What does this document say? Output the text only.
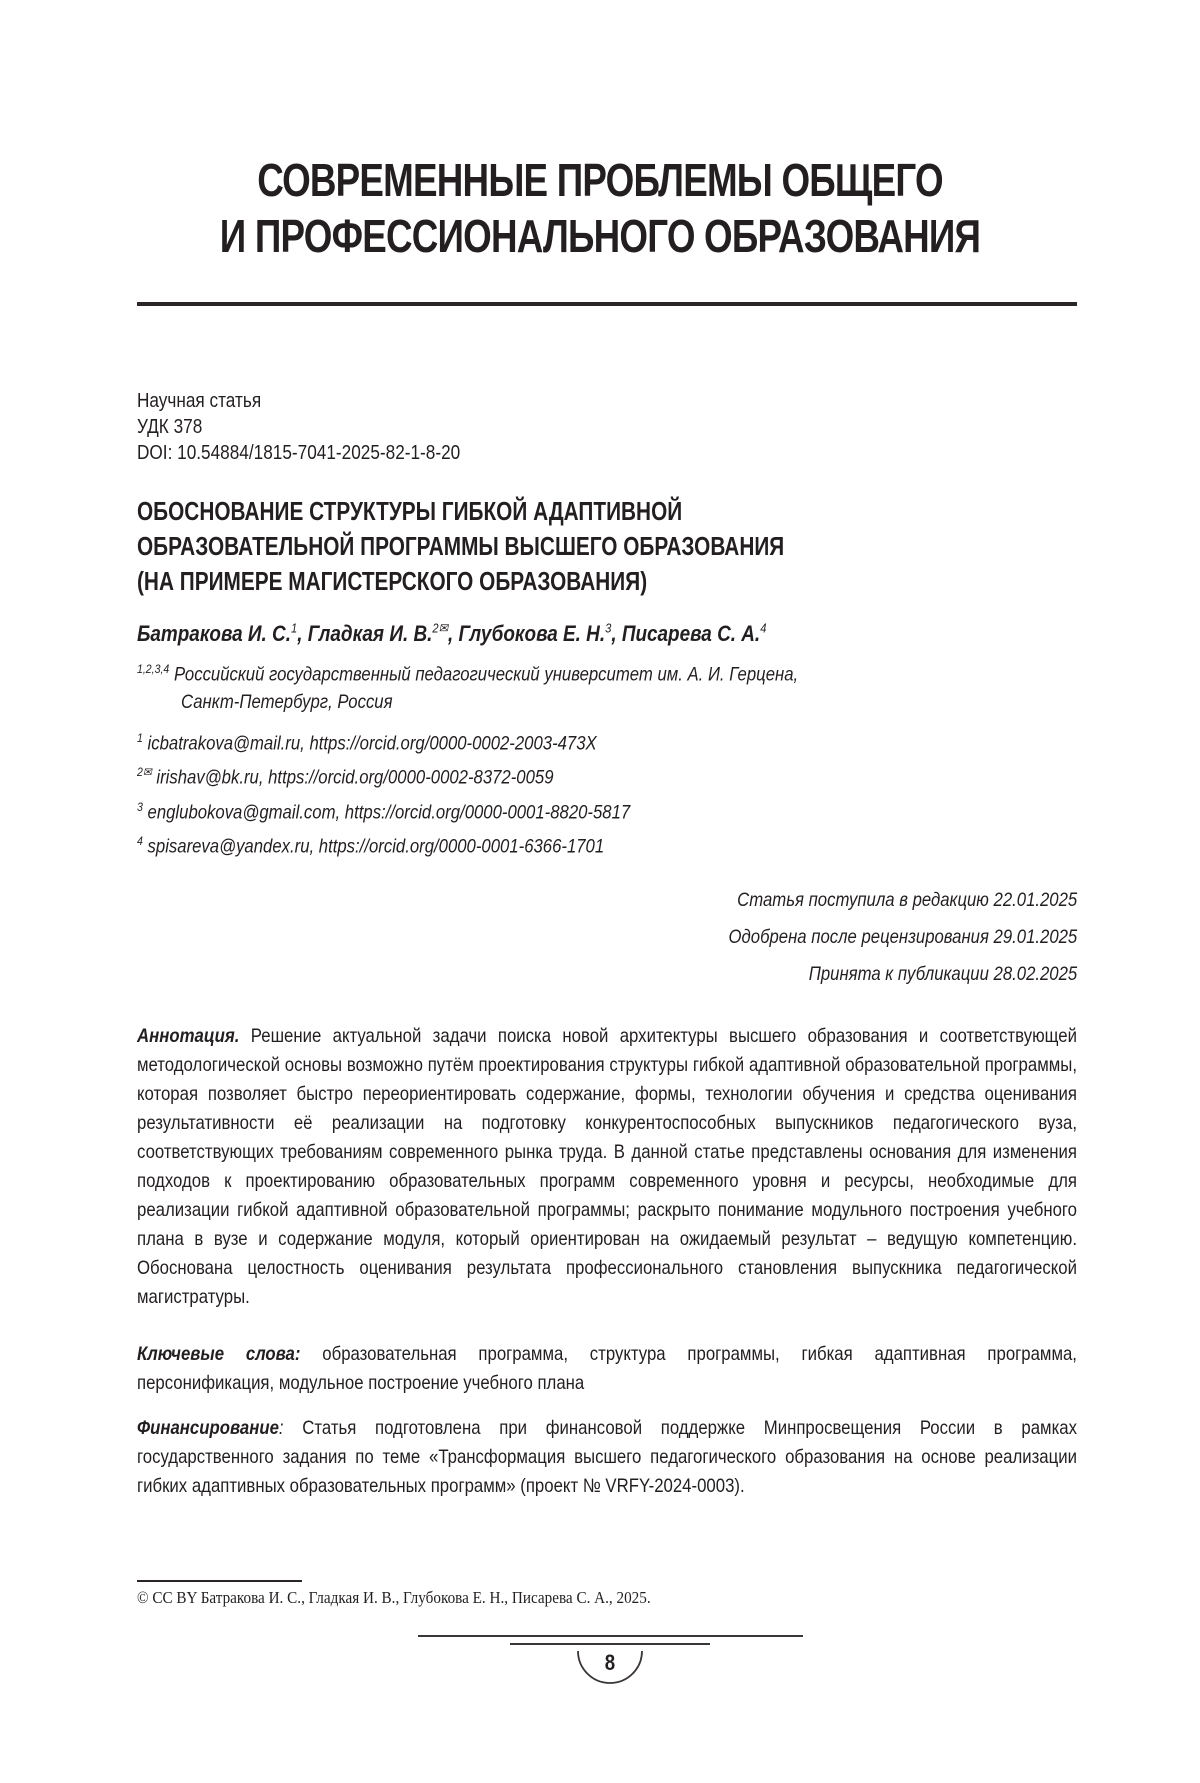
СОВРЕМЕННЫЕ ПРОБЛЕМЫ ОБЩЕГО
И ПРОФЕССИОНАЛЬНОГО ОБРАЗОВАНИЯ
Научная статья
УДК 378
DOI: 10.54884/1815-7041-2025-82-1-8-20
ОБОСНОВАНИЕ СТРУКТУРЫ ГИБКОЙ АДАПТИВНОЙ
ОБРАЗОВАТЕЛЬНОЙ ПРОГРАММЫ ВЫСШЕГО ОБРАЗОВАНИЯ
(НА ПРИМЕРЕ МАГИСТЕРСКОГО ОБРАЗОВАНИЯ)
Батракова И. С.$^1$, Гладкая И. В.$^{2✉}$, Глубокова Е. Н.$^3$, Писарева С. А.$^4$
$^{1,2,3,4}$ Российский государственный педагогический университет им. А. И. Герцена,
Санкт-Петербург, Россия
$^1$ icbatrakova@mail.ru, https://orcid.org/0000-0002-2003-473X
$^{2✉}$ irishav@bk.ru, https://orcid.org/0000-0002-8372-0059
$^3$ englubokova@gmail.com, https://orcid.org/0000-0001-8820-5817
$^4$ spisareva@yandex.ru, https://orcid.org/0000-0001-6366-1701
Статья поступила в редакцию 22.01.2025
Одобрена после рецензирования 29.01.2025
Принята к публикации 28.02.2025
Аннотация. Решение актуальной задачи поиска новой архитектуры высшего образования и соответствующей методологической основы возможно путём проектирования структуры гибкой адаптивной образовательной программы, которая позволяет быстро переориентировать содержание, формы, технологии обучения и средства оценивания результативности её реализации на подготовку конкурентоспособных выпускников педагогического вуза, соответствующих требованиям современного рынка труда. В данной статье представлены основания для изменения подходов к проектированию образовательных программ современного уровня и ресурсы, необходимые для реализации гибкой адаптивной образовательной программы; раскрыто понимание модульного построения учебного плана в вузе и содержание модуля, который ориентирован на ожидаемый результат – ведущую компетенцию. Обоснована целостность оценивания результата профессионального становления выпускника педагогической магистратуры.
Ключевые слова: образовательная программа, структура программы, гибкая адаптивная программа, персонификация, модульное построение учебного плана
Финансирование: Статья подготовлена при финансовой поддержке Минпросвещения России в рамках государственного задания по теме «Трансформация высшего педагогического образования на основе реализации гибких адаптивных образовательных программ» (проект № VRFY-2024-0003).
© CC BY Батракова И. С., Гладкая И. В., Глубокова Е. Н., Писарева С. А., 2025.
8
